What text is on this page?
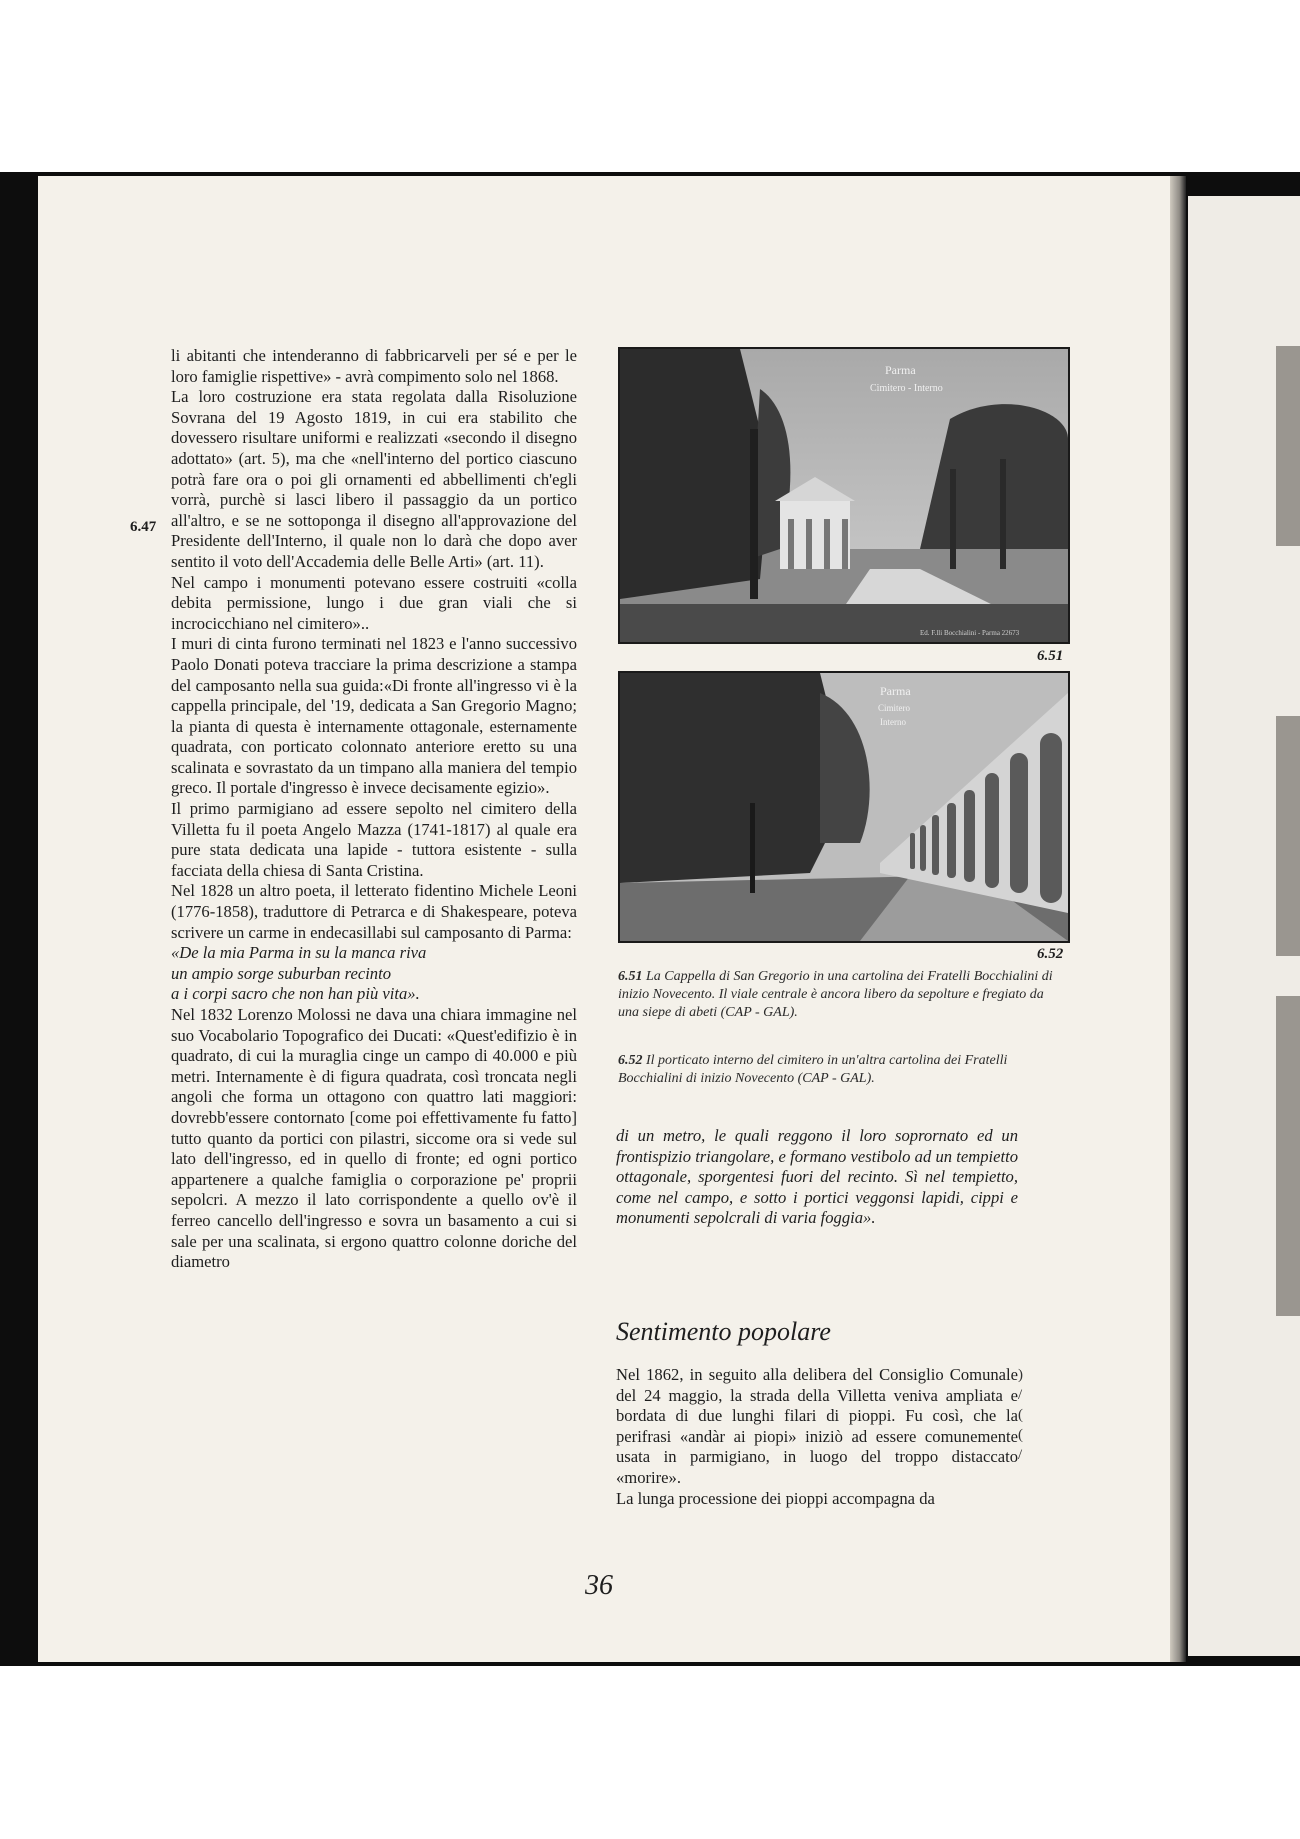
li abitanti che intenderanno di fabbricarveli per sé e per le loro famiglie rispettive» - avrà compimento solo nel 1868.

La loro costruzione era stata regolata dalla Risoluzione Sovrana del 19 Agosto 1819, in cui era stabilito che dovessero risultare uniformi e realizzati «secondo il disegno adottato» (art. 5), ma che «nell'interno del portico ciascuno potrà fare ora o poi gli ornamenti ed abbellimenti ch'egli vorrà, purchè si lasci libero il passaggio da un portico all'altro, e se ne sottoponga il disegno all'approvazione del Presidente dell'Interno, il quale non lo darà che dopo aver sentito il voto dell'Accademia delle Belle Arti» (art. 11).

Nel campo i monumenti potevano essere costruiti «colla debita permissione, lungo i due gran viali che si incrocicchiano nel cimitero»..

I muri di cinta furono terminati nel 1823 e l'anno successivo Paolo Donati poteva tracciare la prima descrizione a stampa del camposanto nella sua guida:«Di fronte all'ingresso vi è la cappella principale, del '19, dedicata a San Gregorio Magno; la pianta di questa è internamente ottagonale, esternamente quadrata, con porticato colonnato anteriore eretto su una scalinata e sovrastato da un timpano alla maniera del tempio greco. Il portale d'ingresso è invece decisamente egizio».

Il primo parmigiano ad essere sepolto nel cimitero della Villetta fu il poeta Angelo Mazza (1741-1817) al quale era pure stata dedicata una lapide - tuttora esistente - sulla facciata della chiesa di Santa Cristina.

Nel 1828 un altro poeta, il letterato fidentino Michele Leoni (1776-1858), traduttore di Petrarca e di Shakespeare, poteva scrivere un carme in endecasillabi sul camposanto di Parma:

«De la mia Parma in su la manca riva

un ampio sorge suburban recinto

a i corpi sacro che non han più vita».

Nel 1832 Lorenzo Molossi ne dava una chiara immagine nel suo Vocabolario Topografico dei Ducati: «Quest'edifizio è in quadrato, di cui la muraglia cinge un campo di 40.000 e più metri. Internamente è di figura quadrata, così troncata negli angoli che forma un ottagono con quattro lati maggiori: dovrebb'essere contornato [come poi effettivamente fu fatto] tutto quanto da portici con pilastri, siccome ora si vede sul lato dell'ingresso, ed in quello di fronte; ed ogni portico appartenere a qualche famiglia o corporazione pe' proprii sepolcri. A mezzo il lato corrispondente a quello ov'è il ferreo cancello dell'ingresso e sovra un basamento a cui si sale per una scalinata, si ergono quattro colonne doriche del diametro

6.47
Parma
Cimitero - Interno
Ed. F.lli Bocchialini - Parma 22673
6.51
Parma
Cimitero
Interno
6.52
6.51 La Cappella di San Gregorio in una cartolina dei Fratelli Bocchialini di inizio Novecento. Il viale centrale è ancora libero da sepolture e fregiato da una siepe di abeti (CAP - GAL).
6.52 Il porticato interno del cimitero in un'altra cartolina dei Fratelli Bocchialini di inizio Novecento (CAP - GAL).

di un metro, le quali reggono il loro soprornato ed un frontispizio triangolare, e formano vestibolo ad un tempietto ottagonale, sporgentesi fuori del recinto. Sì nel tempietto, come nel campo, e sotto i portici veggonsi lapidi, cippi e monumenti sepolcrali di varia foggia».

Sentimento popolare

Nel 1862, in seguito alla delibera del Consiglio Comunale del 24 maggio, la strada della Villetta veniva ampliata e bordata di due lunghi filari di pioppi. Fu così, che la perifrasi «andàr ai piopi» iniziò ad essere comunemente usata in parmigiano, in luogo del troppo distaccato «morire».

La lunga processione dei pioppi accompagna da

)
/
(
(
/
36
